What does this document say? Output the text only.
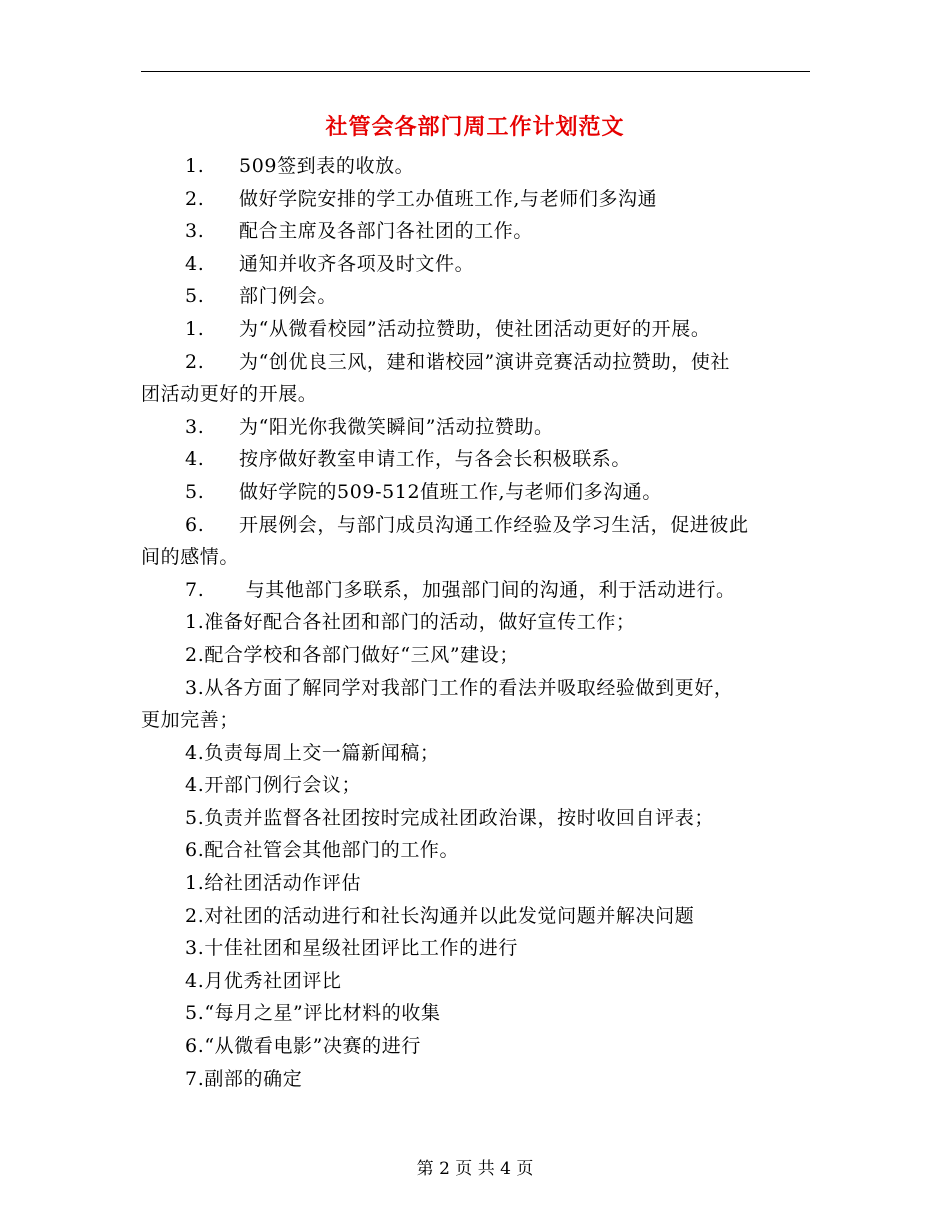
社管会各部门周工作计划范文
1. 509签到表的收放。
2. 做好学院安排的学工办值班工作,与老师们多沟通
3. 配合主席及各部门各社团的工作。
4. 通知并收齐各项及时文件。
5. 部门例会。
1. 为“从微看校园”活动拉赞助，使社团活动更好的开展。
2. 为“创优良三风，建和谐校园”演讲竞赛活动拉赞助，使社
团活动更好的开展。
3. 为“阳光你我微笑瞬间”活动拉赞助。
4. 按序做好教室申请工作，与各会长积极联系。
5. 做好学院的509-512值班工作,与老师们多沟通。
6. 开展例会，与部门成员沟通工作经验及学习生活，促进彼此
间的感情。
7. 与其他部门多联系，加强部门间的沟通，利于活动进行。
1.准备好配合各社团和部门的活动，做好宣传工作；
2.配合学校和各部门做好“三风”建设；
3.从各方面了解同学对我部门工作的看法并吸取经验做到更好，
更加完善；
4.负责每周上交一篇新闻稿；
4.开部门例行会议；
5.负责并监督各社团按时完成社团政治课，按时收回自评表；
6.配合社管会其他部门的工作。
1.给社团活动作评估
2.对社团的活动进行和社长沟通并以此发觉问题并解决问题
3.十佳社团和星级社团评比工作的进行
4.月优秀社团评比
5.“每月之星”评比材料的收集
6.“从微看电影”决赛的进行
7.副部的确定
第 2 页 共 4 页
